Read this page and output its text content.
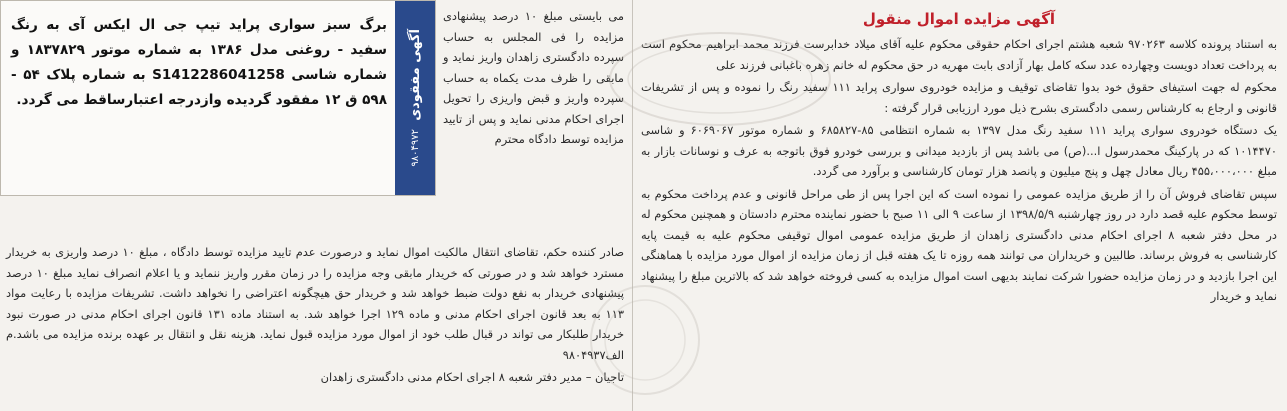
آگهی مزایده اموال منقول

به استناد پرونده کلاسه ۹۷۰۲۶۳ شعبه هشتم اجرای احکام حقوقی محکوم علیه آقای میلاد خدابرست فرزند محمد ابراهیم محکوم است به پرداخت تعداد دویست وچهارده عدد سکه کامل بهار آزادی بابت مهریه در حق محکوم له خانم زهره باغبانی فرزند علی

محکوم له جهت استیفای حقوق خود بدوا تقاضای توقیف و مزایده خودروی سواری پراید ۱۱۱ سفید رنگ را نموده و پس از تشریفات قانونی و ارجاع به کارشناس رسمی دادگستری بشرح ذیل مورد ارزیابی قرار گرفته :

یک دستگاه خودروی سواری پراید ۱۱۱ سفید رنگ مدل ۱۳۹۷ به شماره انتظامی ۸۵-۶۸۵۸۲۷ و شماره موتور ۶۰۶۹۰۶۷ و شاسی ۱۰۱۴۴۷۰ که در پارکینگ محمدرسول ا...(ص) می باشد پس از بازدید میدانی و بررسی خودرو فوق باتوجه به عرف و نوسانات بازار به مبلغ ۴۵۵،۰۰۰،۰۰۰ ریال معادل چهل و پنج میلیون و پانصد هزار تومان کارشناسی و برآورد می گردد.

سپس تقاضای فروش آن را از طریق مزایده عمومی را نموده است که این اجرا پس از طی مراحل قانونی و عدم پرداخت محکوم به توسط محکوم علیه قصد دارد در روز چهارشنبه ۱۳۹۸/۵/۹ از ساعت ۹ الی ۱۱ صبح با حضور نماینده محترم دادستان و همچنین محکوم له در محل دفتر شعبه ۸ اجرای احکام مدنی دادگستری زاهدان از طریق مزایده عمومی اموال توقیفی محکوم علیه به قیمت پایه کارشناسی به فروش برساند. طالبین و خریداران می توانند همه روزه تا یک هفته قبل از زمان مزایده از اموال مورد مزایده با هماهنگی این اجرا بازدید و در زمان مزایده حضورا شرکت نمایند بدیهی است اموال مزایده به کسی فروخته خواهد شد که بالاترین مبلغ را پیشنهاد نماید و خریدار

می بایستی مبلغ ۱۰ درصد پیشنهادی مزایده را فی المجلس به حساب سپرده دادگستری زاهدان واریز نماید و مابقی را ظرف مدت یکماه به حساب سپرده واریز و قبض واریزی را تحویل اجرای احکام مدنی نماید و پس از تایید مزایده توسط دادگاه محترم

آگهی مفقودی
۹۸۰۴۹۷۲
برگ سبز سواری پراید تیپ جی ال ایکس آی به رنگ سفید - روغنی مدل ۱۳۸۶ به شماره موتور ۱۸۳۷۸۲۹ و شماره شاسی S1412286041258 به شماره پلاک ۵۴ - ۵۹۸ ق ۱۲ مفقود گردیده وازدرجه اعتبارساقط می گردد.

صادر کننده حکم، تقاضای انتقال مالکیت اموال نماید و درصورت عدم تایید مزایده توسط دادگاه ، مبلغ ۱۰ درصد واریزی به خریدار مسترد خواهد شد و در صورتی که خریدار مابقی وجه مزایده را در زمان مقرر واریز ننماید و یا اعلام انصراف نماید مبلغ ۱۰ درصد پیشنهادی خریدار به نفع دولت ضبط خواهد شد و خریدار حق هیچگونه اعتراضی را نخواهد داشت. تشریفات مزایده با رعایت مواد ۱۱۳ به بعد قانون اجرای احکام مدنی و ماده ۱۲۹ اجرا خواهد شد. به استناد ماده ۱۳۱ قانون اجرای احکام مدنی در صورت نبود خریدار طلبکار می تواند در قبال طلب خود از اموال مورد مزایده قبول نماید. هزینه نقل و انتقال بر عهده برنده مزایده می باشد.م الف۹۸۰۴۹۳۷

تاجیان – مدیر دفتر شعبه ۸ اجرای احکام مدنی دادگستری زاهدان
